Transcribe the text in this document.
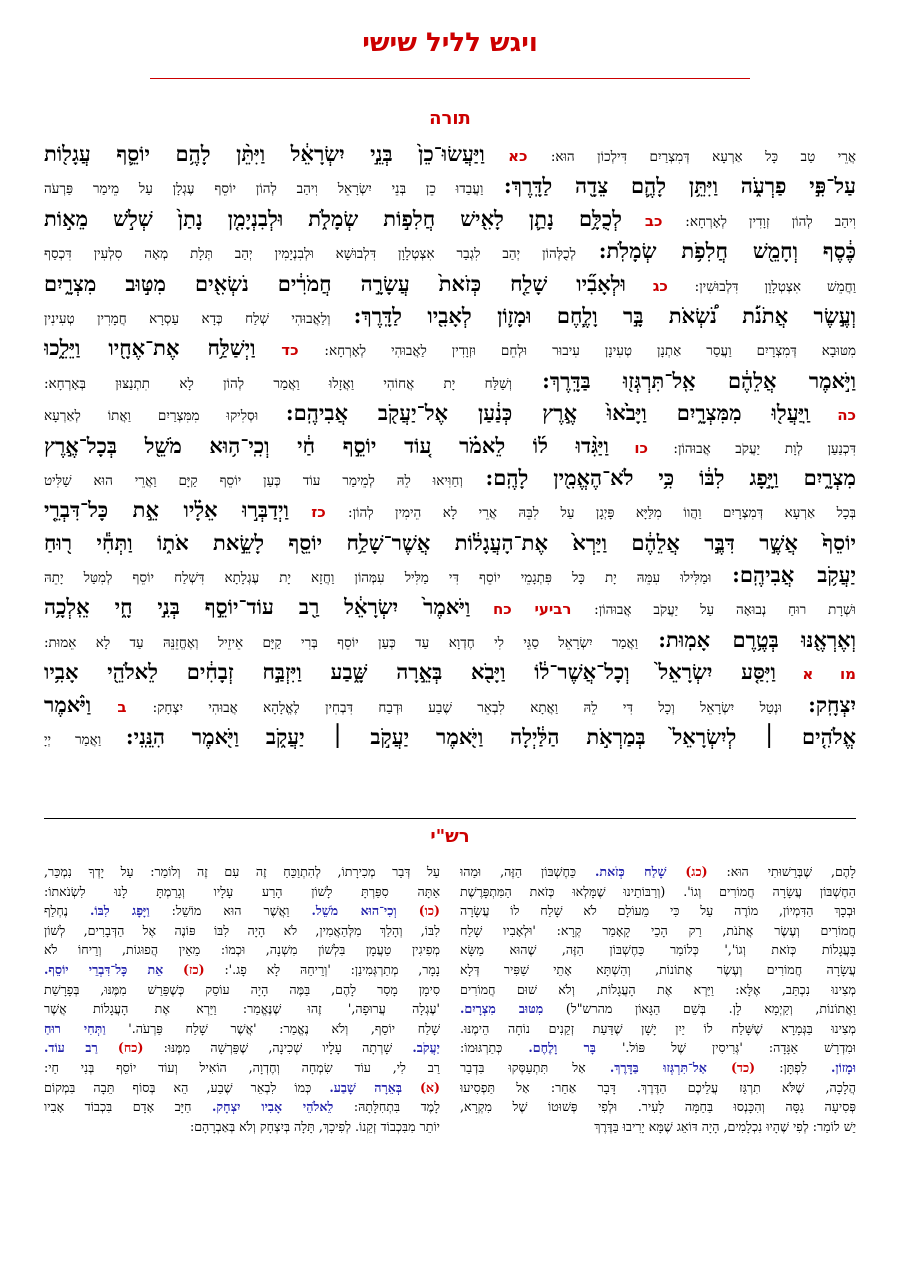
ויגש לליל שישי
תורה
אֲרֵי טַב כָּל אַרְעָא דְּמִצְרַיִם דִּילְכוֹן הוּא: כא וַיַּעֲשׂוּ־כֵן֙ בְּנֵ֣י יִשְׂרָאֵ֔ל וַיִּתֵּ֨ן לָהֶ֥ם יוֹסֵ֛ף עֲגָל֖וֹת
עַל־פִּ֣י פַרְעֹ֑ה וַיִּתֵּ֥ן לָהֶ֛ם צֵדָ֖ה לַדָּֽרֶךְ: וַעֲבַדוּ כֵן בְּנֵי יִשְׂרָאֵל וִיהַב לְהוֹן יוֹסֵף עֶגְלָן עַל מֵימַר פַּרְעֹה
וִיהַב לְהוֹן זְוָדִין לְאָרְחָא: כב לְכֻלָּ֥ם נָתַ֛ן לָאִ֖ישׁ חֲלִפ֣וֹת שְׂמָלֹ֑ת וּלְבִנְיָמִ֤ן נָתַן֙ שְׁלֹ֣שׁ מֵא֣וֹת
כֶּ֔סֶף וְחָמֵ֖שׁ חֲלִפֹ֥ת שְׂמָלֹֽת: לְכֻלְּהוֹן יְהַב לִגְבַר אִצְטְלָוָן דִּלְבוּשָׁא וּלְבִנְיָמִין יְהַב תְּלָת מְאָה סִלְעִין דִּכְסַף
וַחֲמֵשׁ אִצְטְלָוָן דִּלְבוּשִׁין: כג וּלְאָבִ֞יו שָׁלַ֤ח כְּזֹאת֙ עֲשָׂרָ֣ה חֲמֹרִ֔ים נֹשְׂאִ֖ים מִטּ֣וּב מִצְרָ֑יִם
וְעֶ֣שֶׂר אֲתֹנֹ֡ת נֹ֠שְׂאֹת בָּ֣ר וָלֶ֧חֶם וּמָז֛וֹן לְאָבִ֖יו לַדָּֽרֶךְ: וְלַאֲבוּהִי שְׁלַח כְּדָא עַסְרָא חֲמָרִין טְעִינִין
מִטּוּבָא דְּמִצְרָיִם וַעֲסַר אַתְנָן טְעִינָן עִיבוּר וּלְחֵם וּזְוָדִין לַאֲבוּהִי לְאָרְחָא: כד וַיְשַׁלַּ֥ח אֶת־אֶחָ֖יו וַיֵּלֵ֑כוּ
וַיֹּ֣אמֶר אֲלֵהֶ֔ם אַֽל־תִּרְגְּז֖וּ בַּדָּֽרֶךְ: וְשַׁלַּח יָת אֲחוֹהִי וַאֲזָלוּ וַאֲמַר לְהוֹן לָא תִתְנַצּוּן בְּאָרְחָא:
כה וַֽיַּעֲל֖וּ מִמִּצְרָ֑יִם וַיָּבֹ֙אוּ֙ אֶ֣רֶץ כְּנַ֔עַן אֶל־יַעֲקֹ֖ב אֲבִיהֶֽם: וּסְלִיקוּ מִמִּצְרַיִם וַאֲתוֹ לְאַרְעָא
דִּכְנַעַן לְוָת יַעֲקֹב אֲבוּהוֹן: כו וַיַּגִּ֨דוּ ל֜וֹ לֵאמֹ֗ר ע֚וֹד יוֹסֵ֣ף חַ֔י וְכִֽי־ה֥וּא מֹשֵׁ֖ל בְּכָל־אֶ֣רֶץ
מִצְרָ֑יִם וַיָּ֣פָג לִבּ֔וֹ כִּ֥י לֹא־הֶאֱמִ֖ין לָהֶֽם: וְחַוִּיאוּ לֵהּ לְמֵימַר עוֹד כְּעַן יוֹסֵף קַיָּם וַאֲרֵי הוּא שַׁלִּיט
בְּכָל אַרְעָא דְּמִצְרָיִם וַהֲווֹ מִלַּיָּא פָּיְגָן עַל לִבֵּהּ אֲרֵי לָא הֵימִין לְהוֹן: כז וַיְדַבְּר֣וּ אֵלָ֗יו אֵ֣ת כָּל־דִּבְרֵ֤י
יוֹסֵף֙ אֲשֶׁ֣ר דִּבֶּ֣ר אֲלֵהֶ֔ם וַיַּרְא֙ אֶת־הָעֲגָל֔וֹת אֲשֶׁר־שָׁלַ֥ח יוֹסֵ֖ף לָשֵׂ֣את אֹת֑וֹ וַתְּחִ֕י ר֖וּחַ
יַעֲקֹ֥ב אֲבִיהֶֽם: וּמַלִּילוּ עִמֵּהּ יָת כָּל פִּתְגָמֵי יוֹסֵף דִּי מַלִּיל עִמְּהוֹן וַחֲזָא יָת עֶגְלָתָא דִּשְׁלַח יוֹסֵף לְמִטַּל יָתֵהּ
וּשְׁרָת רוּחַ נְבוּאָה עַל יַעֲקֹב אֲבוּהוֹן: רביעי כח וַיֹּאמֶר֙ יִשְׂרָאֵ֔ל רַ֖ב עוֹד־יוֹסֵ֣ף בְּנִ֣י חָ֑י אֵֽלְכָ֥ה
וְאֶרְאֶ֖נּוּ בְּטֶ֥רֶם אָמֽוּת: וַאֲמַר יִשְׂרָאֵל סַגֵּי לִי חֶדְוָא עַד כְּעַן יוֹסֵף בְּרִי קַיָּם אֵיזֵיל וְאֶחֱזֵנֵּהּ עַד לָא אֵמוּת:
מו א וַיִּסַּ֤ע יִשְׂרָאֵל֙ וְכָל־אֲשֶׁר־ל֔וֹ וַיָּבֹ֖א בְּאֵ֣רָה שָּׁ֑בַע וַיִּזְבַּ֣ח זְבָחִ֔ים לֵאלֹהֵ֖י אָבִ֥יו
יִצְחָֽק: וּנְטַל יִשְׂרָאֵל וְכָל דִּי לֵהּ וַאֲתָא לִבְאֵר שֶׁבַע וּדְבַח דִּבְחִין לֶאֱלָהָא אֲבוּהִי יִצְחָק: ב וַיֹּ֨אמֶר
אֱלֹהִ֤ים ׀ לְיִשְׂרָאֵל֙ בְּמַרְאֹ֣ת הַלַּ֔יְלָה וַיֹּ֖אמֶר יַעֲקֹ֣ב ׀ יַעֲקֹ֑ב וַיֹּ֖אמֶר הִנֵּֽנִי: וַאֲמַר יְיָ
רש"י
לָהֶם, שֶׁבְּרֵשׁוּתִי הוּא: (כג) שָׁלַח כְּזֹאת. כַּחֶשְׁבּוֹן הַזֶּה, וּמַהוּ
הַחֶשְׁבּוֹן עֲשָׂרָה חֲמוֹרִים וְגוֹ'. (וְרַבּוֹתֵינוּ שֶׁמָּלְאוּ כְּזֹאת הַמִּתְפָּרֶשֶׁת
וּבְכָךְ הַדִּמְיוֹן, מוֹרֶה עַל כִּי מֵעוֹלָם לֹא שָׁלַח לוֹ עֲשָׂרָה
חֲמוֹרִים וְעֶשֶׂר אֲתֹנֹת, רַק הָכֵי קָאָמַר קְרָא: 'וּלְאָבִיו שָׁלַח
בָּעֲגָלוֹת כְּזֹאת וְגוֹ',' כְּלוֹמַר כַּחֶשְׁבּוֹן הַזֶּה, שֶׁהוּא מַשָּׂא
עֲשָׂרָה חֲמוֹרִים וְעֶשֶׂר אֲתוֹנוֹת, וְהַשְׁתָּא אָתֵי שַׁפִּיר דְּלָא
מְצִינוּ נִכְתַּב, אֶלָּא: וַיַּרְא אֶת הָעֲגָלוֹת, וְלֹא שׁוּם חֲמוֹרִים
וַאֲתוֹנוֹת, וְקַיְמָא לָן. בְּשֵׁם הַגָּאוֹן מהרש"ל) מִטּוּב מִצְרָיִם.
מְצִינוּ בַּגְּמָרָא שֶׁשָּׁלַח לוֹ יַיִן יָשָׁן שֶׁדַּעַת זְקֵנִים נוֹחָה הֵימֶנּוּ.
וּמִדְרָשׁ אַגָּדָה: 'גְּרִיסִין שֶׁל פּוֹל.' בָּר וָלֶחֶם. כְּתַרְגּוּמוֹ:
וּמָזוֹן. לִפְתָּן: (כד) אַל־תִּרְגְּזוּ בַּדָּרֶךְ. אַל תִּתְעַסְּקוּ בִּדְבַר
הֲלָכָה, שֶׁלֹּא תִרְגַּז עֲלֵיכֶם הַדֶּרֶךְ. דָּבָר אַחֵר: אַל תַּפְסִיעוּ
פְּסִיעָה גַסָּה וְהִכָּנְסוּ בַּחַמָּה לָעִיר. וּלְפִי פְּשׁוּטוֹ שֶׁל מִקְרָא,
יֵשׁ לוֹמַר: לְפִי שֶׁהָיוּ נִכְלָמִים, הָיָה דּוֹאֵג שֶׁמָּא יָרִיבוּ בַּדֶּרֶךְ
עַל דְּבַר מְכִירָתוֹ, לְהִתְוַכֵּחַ זֶה עִם זֶה וְלוֹמַר: עַל יָדְךָ נִמְכַּר,
אַתָּה סִפַּרְתָּ לָשׁוֹן הָרַע עָלָיו וְגָרַמְתָּ לָנוּ לִשְׂנֹאתוֹ:
(כו) וְכִי־הוּא מֹשֵׁל. וַאֲשֶׁר הוּא מוֹשֵׁל: וַיָּפָג לִבּוֹ. נֶחְלַף
לִבּוֹ, וְהָלַךְ מִלְּהַאֲמִין, לֹא הָיָה לִבּוֹ פּוֹנֶה אֶל הַדְּבָרִים, לְשׁוֹן
מְפִיגִין טַעֲמָן בִּלְשׁוֹן מִשְׁנָה, וּכְמוֹ: מֵאֵין הֲפוּגוֹת, וְרֵיחוֹ לֹא
נָמָר, מְתַרְגְּמִינַן: 'וְרֵיחֵהּ לָא פָג.': (כז) אֵת כָּל־דִּבְרֵי יוֹסֵף.
סִימָן מָסַר לָהֶם, בַּמֶּה הָיָה עוֹסֵק כְּשֶׁפֵּרַשׁ מִמֶּנּוּ, בְּפָרָשַׁת
'עֶגְלָה עֲרוּפָה,' זֶהוּ שֶׁנֶּאֱמַר: וַיַּרְא אֶת הָעֲגָלוֹת אֲשֶׁר
שָׁלַח יוֹסֵף, וְלֹא נֶאֱמַר: 'אֲשֶׁר שָׁלַח פַּרְעֹה.' וַתְּחִי רוּחַ
יַעֲקֹב. שָׁרְתָה עָלָיו שְׁכִינָה, שֶׁפֵּרְשָׁה מִמֶּנּוּ: (כח) רַב עוֹד.
רַב לִי, עוֹד שִׂמְחָה וְחֶדְוָה, הוֹאִיל וְעוֹד יוֹסֵף בְּנִי חַי:
(א) בְּאֵרָה שָׁבַע. כְּמוֹ לִבְאֵר שֶׁבַע, הֵא בְּסוֹף תֵּבָה בִּמְקוֹם
לָמֶד בִּתְחִלָּתָהּ: לֵאלֹהֵי אָבִיו יִצְחָק. חַיָּב אָדָם בִּכְבוֹד אָבִיו
יוֹתֵר מִבִּכְבוֹד זְקֵנוֹ. לְפִיכָךְ, תָּלָה בְּיִצְחָק וְלֹא בְּאַבְרָהָם:
